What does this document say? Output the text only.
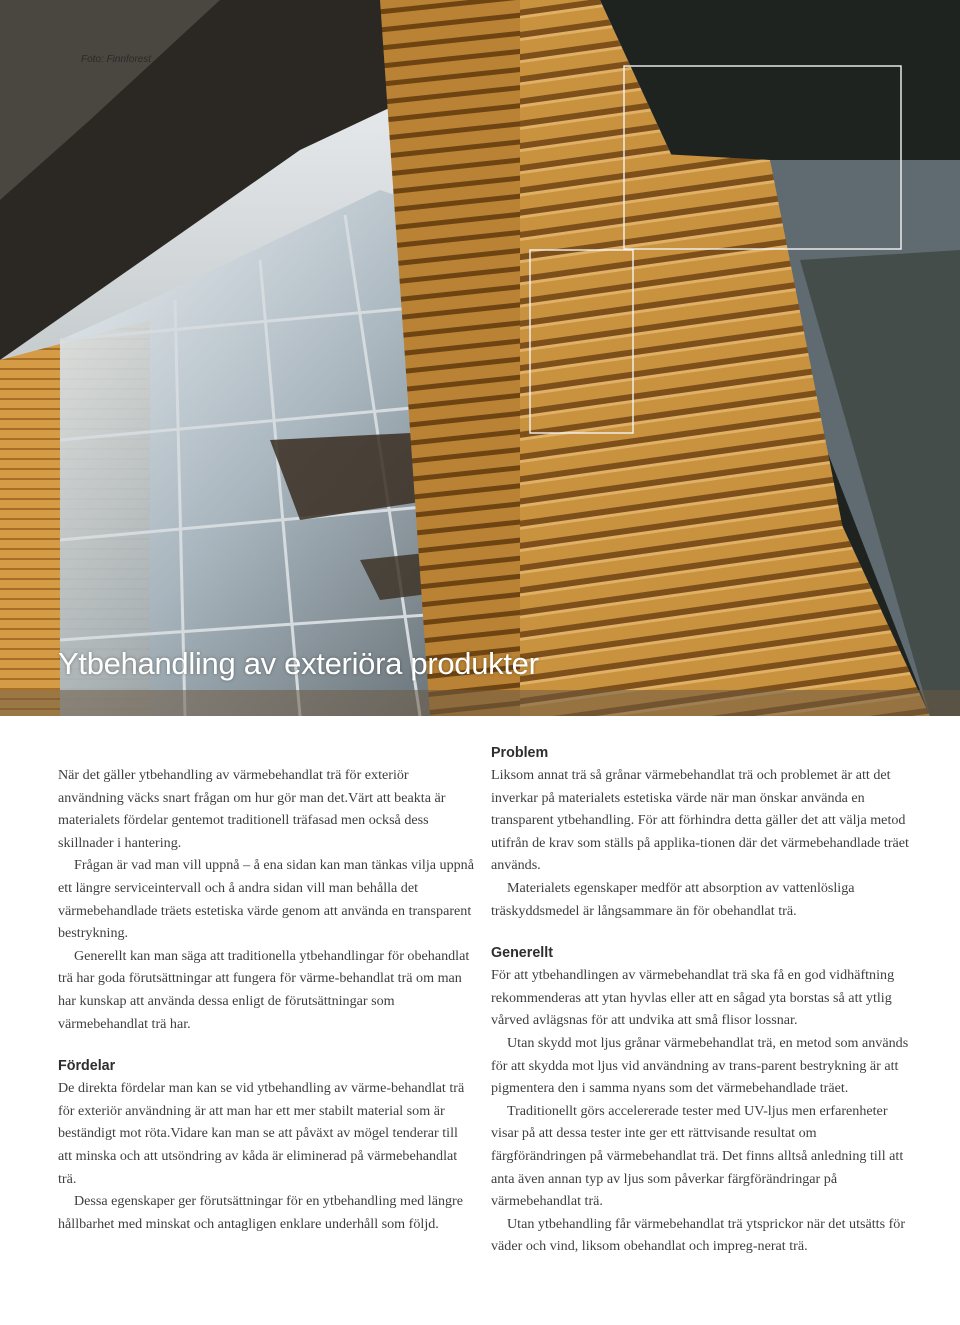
Foto: Finnforest

Ytbehandling av exteriöra produkter

När det gäller ytbehandling av värmebehandlat trä för exteriör användning väcks snart frågan om hur gör man det.Värt att beakta är materialets fördelar gentemot traditionell träfasad men också dess skillnader i hantering.

Frågan är vad man vill uppnå – å ena sidan kan man tänkas vilja uppnå ett längre serviceintervall och å andra sidan vill man behålla det värmebehandlade träets estetiska värde genom att använda en transparent bestrykning.

Generellt kan man säga att traditionella ytbehandlingar för obehandlat trä har goda förutsättningar att fungera för värme-behandlat trä om man har kunskap att använda dessa enligt de förutsättningar som värmebehandlat trä har.

Fördelar

De direkta fördelar man kan se vid ytbehandling av värme-behandlat trä för exteriör användning är att man har ett mer stabilt material som är beständigt mot röta.Vidare kan man se att påväxt av mögel tenderar till att minska och att utsöndring av kåda är eliminerad på värmebehandlat trä.

Dessa egenskaper ger förutsättningar för en ytbehandling med längre hållbarhet med minskat och antagligen enklare underhåll som följd.

Problem

Liksom annat trä så grånar värmebehandlat trä och problemet är att det inverkar på materialets estetiska värde när man önskar använda en transparent ytbehandling. För att förhindra detta gäller det att välja metod utifrån de krav som ställs på applika-tionen där det värmebehandlade träet används.

Materialets egenskaper medför att absorption av vattenlösliga träskyddsmedel är långsammare än för obehandlat trä.

Generellt

För att ytbehandlingen av värmebehandlat trä ska få en god vidhäftning rekommenderas att ytan hyvlas eller att en sågad yta borstas så att ytlig vårved avlägsnas för att undvika att små flisor lossnar.

Utan skydd mot ljus grånar värmebehandlat trä, en metod som används för att skydda mot ljus vid användning av trans-parent bestrykning är att pigmentera den i samma nyans som det värmebehandlade träet.

Traditionellt görs accelererade tester med UV-ljus men erfarenheter visar på att dessa tester inte ger ett rättvisande resultat om färgförändringen på värmebehandlat trä. Det finns alltså anledning till att anta även annan typ av ljus som påverkar färgförändringar på värmebehandlat trä.

Utan ytbehandling får värmebehandlat trä ytsprickor när det utsätts för väder och vind, liksom obehandlat och impreg-nerat trä.
